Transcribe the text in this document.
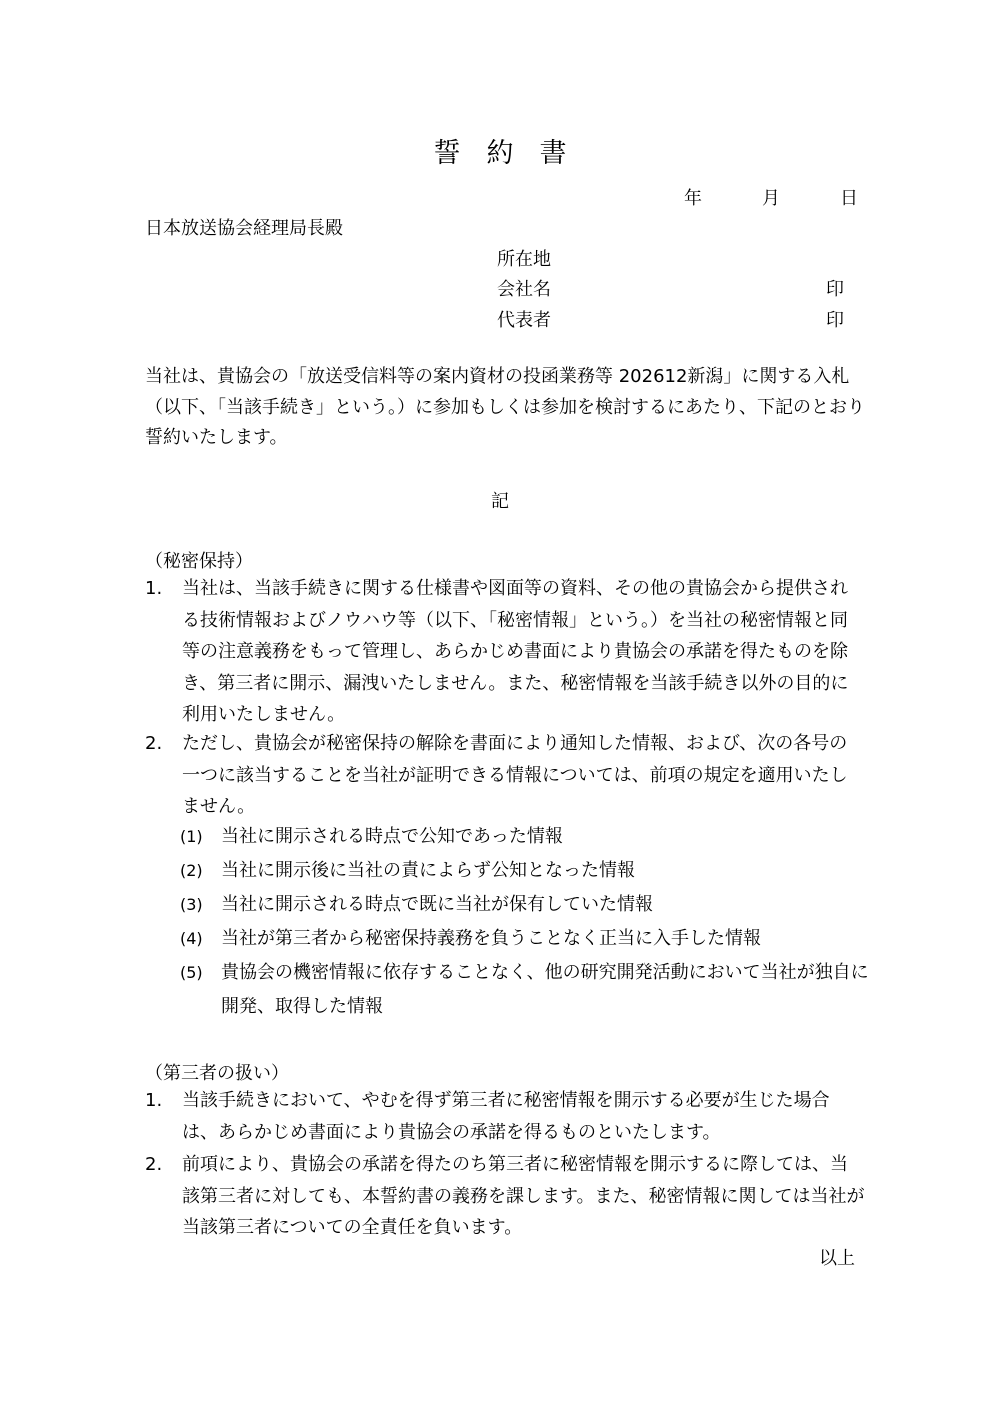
誓約書
年	月	日
日本放送協会経理局長殿
所在地
会社名	印
代表者	印
当社は、貴協会の「放送受信料等の案内資材の投函業務等 202612新潟」に関する入札（以下、「当該手続き」という。）に参加もしくは参加を検討するにあたり、下記のとおり誓約いたします。
記
（秘密保持）
1.	当社は、当該手続きに関する仕様書や図面等の資料、その他の貴協会から提供される技術情報およびノウハウ等（以下、「秘密情報」という。）を当社の秘密情報と同等の注意義務をもって管理し、あらかじめ書面により貴協会の承諾を得たものを除き、第三者に開示、漏洩いたしません。また、秘密情報を当該手続き以外の目的に利用いたしません。
2.	ただし、貴協会が秘密保持の解除を書面により通知した情報、および、次の各号の一つに該当することを当社が証明できる情報については、前項の規定を適用いたしません。
(1)	当社に開示される時点で公知であった情報
(2)	当社に開示後に当社の責によらず公知となった情報
(3)	当社に開示される時点で既に当社が保有していた情報
(4)	当社が第三者から秘密保持義務を負うことなく正当に入手した情報
(5)	貴協会の機密情報に依存することなく、他の研究開発活動において当社が独自に開発、取得した情報
（第三者の扱い）
1.	当該手続きにおいて、やむを得ず第三者に秘密情報を開示する必要が生じた場合は、あらかじめ書面により貴協会の承諾を得るものといたします。
2.	前項により、貴協会の承諾を得たのち第三者に秘密情報を開示するに際しては、当該第三者に対しても、本誓約書の義務を課します。また、秘密情報に関しては当社が当該第三者についての全責任を負います。
以上
